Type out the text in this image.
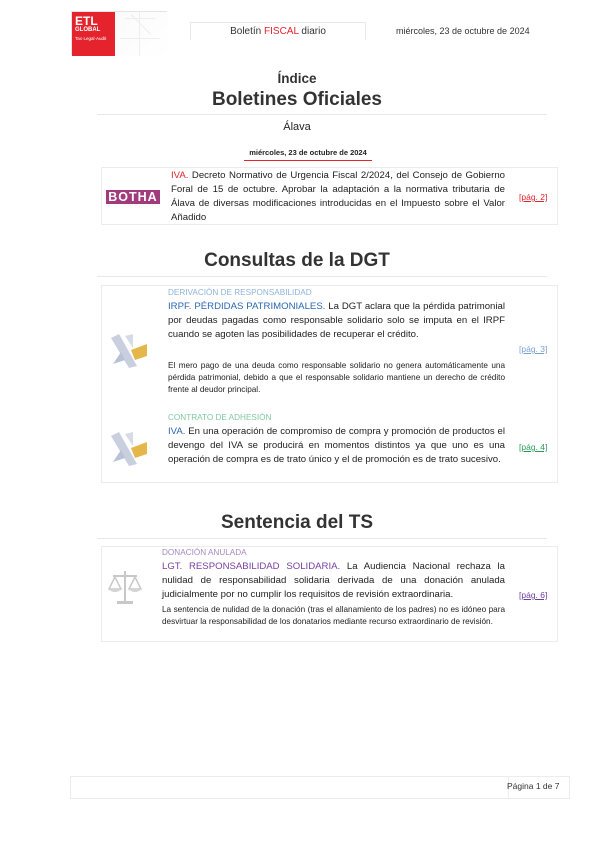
ETL
GLOBAL
Tax·Legal·Audit
Boletín FISCAL diario	miércoles, 23 de octubre de 2024
Índice
Boletines Oficiales
Álava
miércoles, 23 de octubre de 2024
BOTHA
IVA. Decreto Normativo de Urgencia Fiscal 2/2024, del Consejo de Gobierno Foral de 15 de octubre. Aprobar la adaptación a la normativa tributaria de Álava de diversas modificaciones introducidas en el Impuesto sobre el Valor Añadido
[pág. 2]
Consultas de la DGT
DERIVACIÓN DE RESPONSABILIDAD
IRPF. PÉRDIDAS PATRIMONIALES. La DGT aclara que la pérdida patrimonial por deudas pagadas como responsable solidario solo se imputa en el IRPF cuando se agoten las posibilidades de recuperar el crédito.
El mero pago de una deuda como responsable solidario no genera automáticamente una pérdida patrimonial, debido a que el responsable solidario mantiene un derecho de crédito frente al deudor principal.
[pág. 3]
CONTRATO DE ADHESIÓN
IVA. En una operación de compromiso de compra y promoción de productos el devengo del IVA se producirá en momentos distintos ya que uno es una operación de compra es de trato único y el de promoción es de trato sucesivo.
[pág. 4]
Sentencia del TS
DONACIÓN ANULADA
LGT. RESPONSABILIDAD SOLIDARIA. La Audiencia Nacional rechaza la nulidad de responsabilidad solidaria derivada de una donación anulada judicialmente por no cumplir los requisitos de revisión extraordinaria.
La sentencia de nulidad de la donación (tras el allanamiento de los padres) no es idóneo para desvirtuar la responsabilidad de los donatarios mediante recurso extraordinario de revisión.
[pág. 6]
Página 1 de 7
